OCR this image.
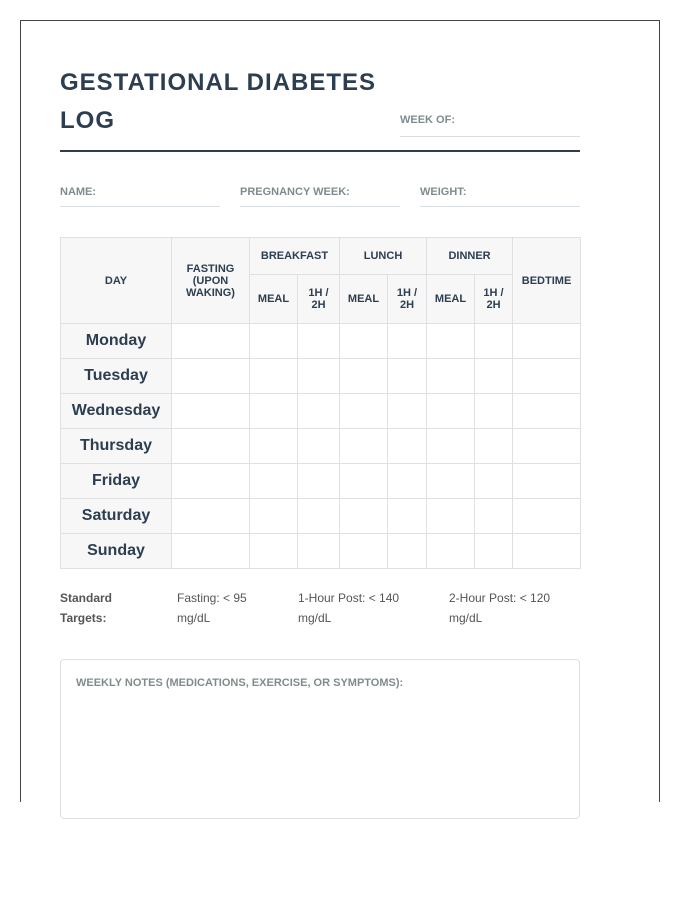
GESTATIONAL DIABETES LOG	WEEK OF:
NAME:	PREGNANCY WEEK:	WEIGHT:
DAY	FASTING (UPON WAKING)	BREAKFAST		LUNCH		DINNER		BEDTIME
		MEAL	1H / 2H	MEAL	1H / 2H	MEAL	1H / 2H	
Monday								
Tuesday								
Wednesday								
Thursday								
Friday								
Saturday								
Sunday								
Standard Targets:
Fasting: < 95 mg/dL
1-Hour Post: < 140 mg/dL
2-Hour Post: < 120 mg/dL
WEEKLY NOTES (MEDICATIONS, EXERCISE, OR SYMPTOMS):
